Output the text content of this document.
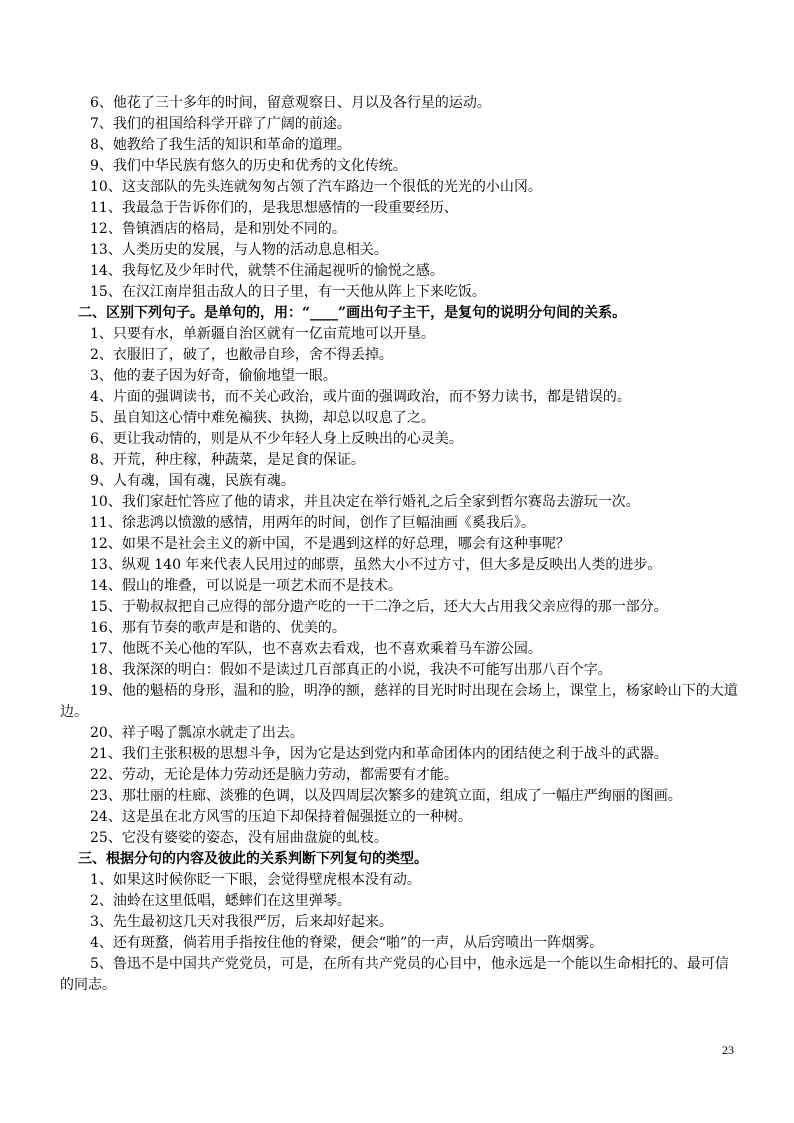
6、他花了三十多年的时间，留意观察日、月以及各行星的运动。

7、我们的祖国给科学开辟了广阔的前途。

8、她教给了我生活的知识和革命的道理。

9、我们中华民族有悠久的历史和优秀的文化传统。

10、这支部队的先头连就匆匆占领了汽车路边一个很低的光光的小山冈。

11、我最急于告诉你们的，是我思想感情的一段重要经历、

12、鲁镇酒店的格局，是和别处不同的。

13、人类历史的发展，与人物的活动息息相关。

14、我每忆及少年时代，就禁不住涌起视听的愉悦之感。

15、在汉江南岸狙击敌人的日子里，有一天他从阵上下来吃饭。

二、区别下列句子。是单句的，用：“____”画出句子主干，是复句的说明分句间的关系。

1、只要有水，单新疆自治区就有一亿亩荒地可以开垦。

2、衣服旧了，破了，也敝帚自珍，舍不得丢掉。

3、他的妻子因为好奇，偷偷地望一眼。

4、片面的强调读书，而不关心政治，或片面的强调政治，而不努力读书，都是错误的。

5、虽自知这心情中难免褊狭、执拗，却总以叹息了之。

6、更让我动情的，则是从不少年轻人身上反映出的心灵美。

8、开荒，种庄稼，种蔬菜，是足食的保证。

9、人有魂，国有魂，民族有魂。

10、我们家赶忙答应了他的请求，并且决定在举行婚礼之后全家到哲尔赛岛去游玩一次。

11、徐悲鸿以愤激的感情，用两年的时间，创作了巨幅油画《奚我后》。

12、如果不是社会主义的新中国，不是遇到这样的好总理，哪会有这种事呢？

13、纵观 140 年来代表人民用过的邮票，虽然大小不过方寸，但大多是反映出人类的进步。

14、假山的堆叠，可以说是一项艺术而不是技术。

15、于勒叔叔把自己应得的部分遗产吃的一干二净之后，还大大占用我父亲应得的那一部分。

16、那有节奏的歌声是和谐的、优美的。

17、他既不关心他的军队，也不喜欢去看戏，也不喜欢乘着马车游公园。

18、我深深的明白：假如不是读过几百部真正的小说，我决不可能写出那八百个字。

19、他的魁梧的身形，温和的脸，明净的额，慈祥的目光时时出现在会场上，课堂上，杨家岭山下的大道边。

20、祥子喝了瓢凉水就走了出去。

21、我们主张积极的思想斗争，因为它是达到党内和革命团体内的团结使之利于战斗的武器。

22、劳动，无论是体力劳动还是脑力劳动，都需要有才能。

23、那壮丽的柱廊、淡雅的色调，以及四周层次繁多的建筑立面，组成了一幅庄严绚丽的图画。

24、这是虽在北方风雪的压迫下却保持着倔强挺立的一种树。

25、它没有婆娑的姿态，没有屈曲盘旋的虬枝。

三、根据分句的内容及彼此的关系判断下列复句的类型。

1、如果这时候你眨一下眼，会觉得壁虎根本没有动。

2、油蛉在这里低唱，蟋蟀们在这里弹琴。

3、先生最初这几天对我很严厉，后来却好起来。

4、还有斑蝥，倘若用手指按住他的脊梁，便会“啪”的一声，从后窍喷出一阵烟雾。

5、鲁迅不是中国共产党党员，可是，在所有共产党员的心目中，他永远是一个能以生命相托的、最可信的同志。

23
